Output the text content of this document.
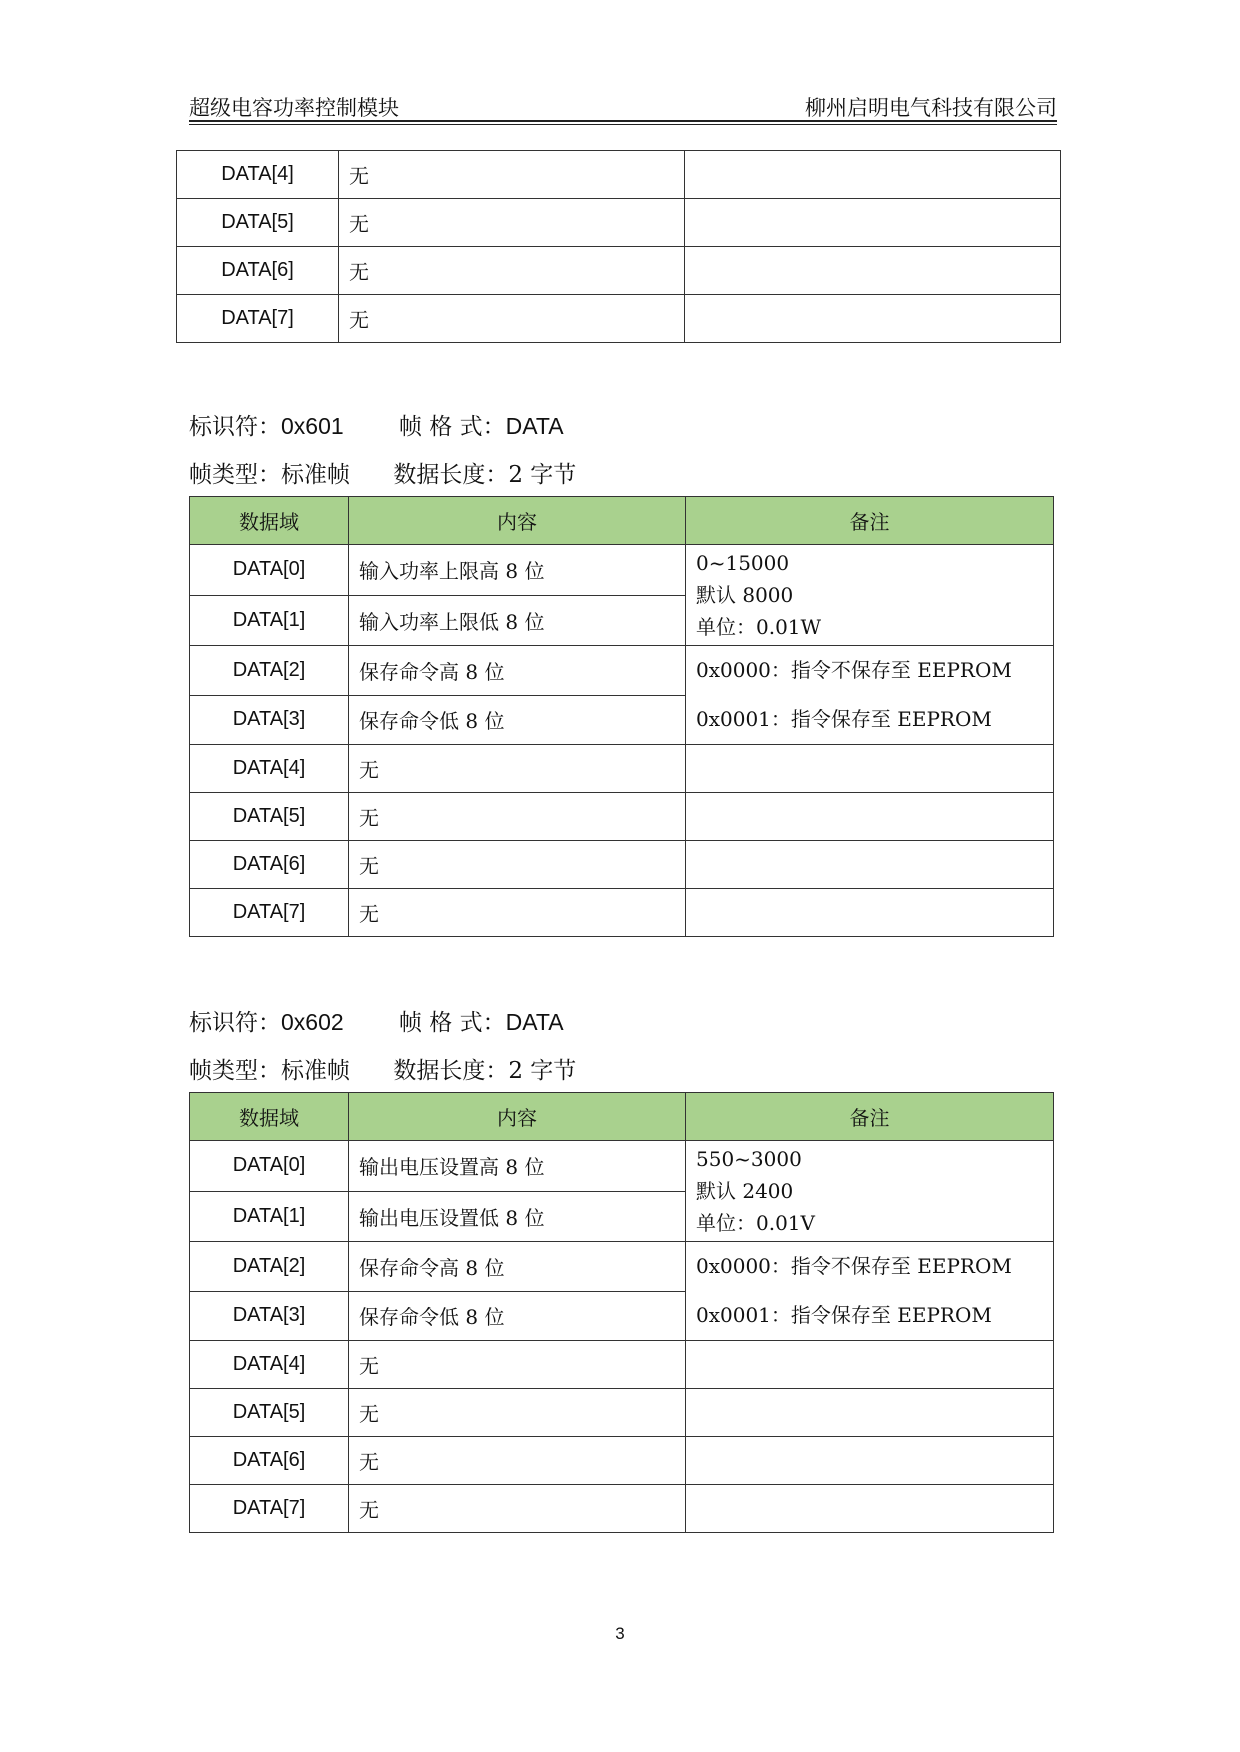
超级电容功率控制模块	柳州启明电气科技有限公司
DATA[4]	无	
DATA[5]	无	
DATA[6]	无	
DATA[7]	无	
标识符：0x601 帧 格 式：DATA
帧类型：标准帧 数据长度：2 字节
数据域	内容	备注
DATA[0]	输入功率上限高 8 位	0~15000
默认 8000
单位：0.01W

DATA[1]	输入功率上限低 8 位	
DATA[2]	保存命令高 8 位	0x0000：指令不保存至 EEPROM
0x0001：指令保存至 EEPROM

DATA[3]	保存命令低 8 位	
DATA[4]	无	
DATA[5]	无	
DATA[6]	无	
DATA[7]	无	
标识符：0x602 帧 格 式：DATA
帧类型：标准帧 数据长度：2 字节
数据域	内容	备注
DATA[0]	输出电压设置高 8 位	550~3000
默认 2400
单位：0.01V

DATA[1]	输出电压设置低 8 位	
DATA[2]	保存命令高 8 位	0x0000：指令不保存至 EEPROM
0x0001：指令保存至 EEPROM

DATA[3]	保存命令低 8 位	
DATA[4]	无	
DATA[5]	无	
DATA[6]	无	
DATA[7]	无	
3
